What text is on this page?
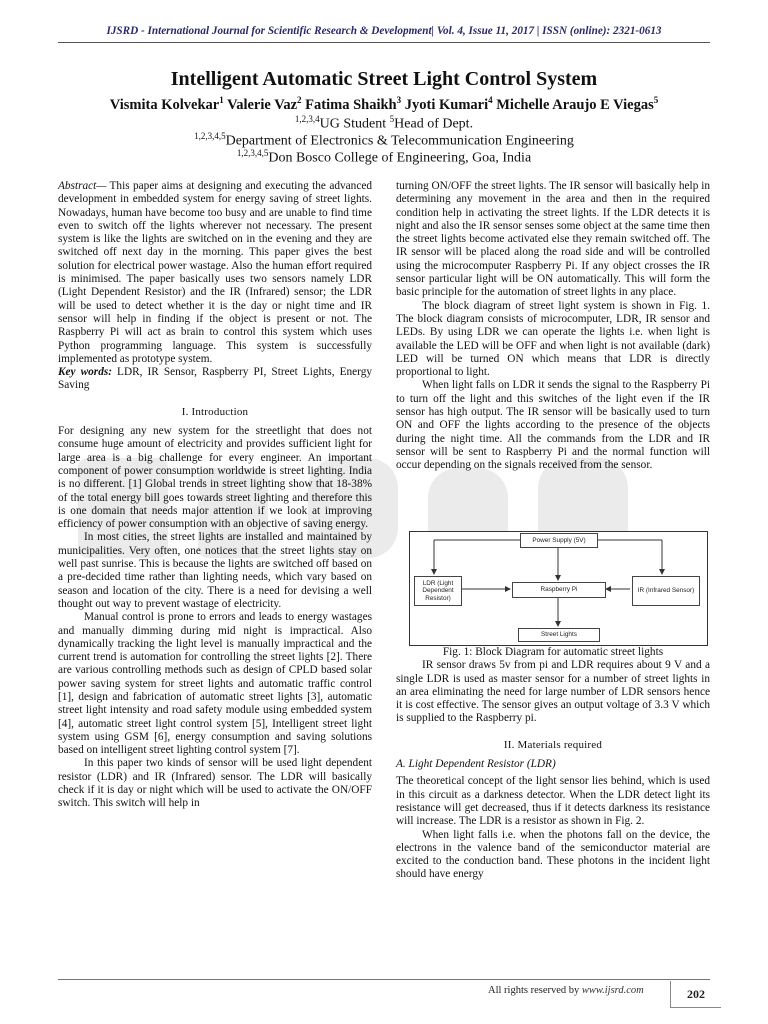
IJSRD - International Journal for Scientific Research & Development| Vol. 4, Issue 11, 2017 | ISSN (online): 2321-0613
Intelligent Automatic Street Light Control System
Vismita Kolvekar$^1$ Valerie Vaz$^2$ Fatima Shaikh$^3$ Jyoti Kumari$^4$ Michelle Araujo E Viegas$^5$
$^{1,2,3,4}$UG Student $^5$Head of Dept.
$^{1,2,3,4,5}$Department of Electronics & Telecommunication Engineering
$^{1,2,3,4,5}$Don Bosco College of Engineering, Goa, India

Abstract— This paper aims at designing and executing the advanced development in embedded system for energy saving of street lights. Nowadays, human have become too busy and are unable to find time even to switch off the lights wherever not necessary. The present system is like the lights are switched on in the evening and they are switched off next day in the morning. This paper gives the best solution for electrical power wastage. Also the human effort required is minimised. The paper basically uses two sensors namely LDR (Light Dependent Resistor) and the IR (Infrared) sensor; the LDR will be used to detect whether it is the day or night time and IR sensor will help in finding if the object is present or not. The Raspberry Pi will act as brain to control this system which uses Python programming language. This system is successfully implemented as prototype system.

Key words: LDR, IR Sensor, Raspberry PI, Street Lights, Energy Saving

I. Introduction

For designing any new system for the streetlight that does not consume huge amount of electricity and provides sufficient light for large area is a big challenge for every engineer. An important component of power consumption worldwide is street lighting. India is no different. [1] Global trends in street lighting show that 18-38% of the total energy bill goes towards street lighting and therefore this is one domain that needs major attention if we look at improving efficiency of power consumption with an objective of saving energy.

In most cities, the street lights are installed and maintained by municipalities. Very often, one notices that the street lights stay on well past sunrise. This is because the lights are switched off based on a pre-decided time rather than lighting needs, which vary based on season and location of the city. There is a need for devising a well thought out way to prevent wastage of electricity.

Manual control is prone to errors and leads to energy wastages and manually dimming during mid night is impractical. Also dynamically tracking the light level is manually impractical and the current trend is automation for controlling the street lights [2]. There are various controlling methods such as design of CPLD based solar power saving system for street lights and automatic traffic control [1], design and fabrication of automatic street lights [3], automatic street light intensity and road safety module using embedded system [4], automatic street light control system [5], Intelligent street light system using GSM [6], energy consumption and saving solutions based on intelligent street lighting control system [7].

In this paper two kinds of sensor will be used light dependent resistor (LDR) and IR (Infrared) sensor. The LDR will basically check if it is day or night which will be used to activate the ON/OFF switch. This switch will help in

turning ON/OFF the street lights. The IR sensor will basically help in determining any movement in the area and then in the required condition help in activating the street lights. If the LDR detects it is night and also the IR sensor senses some object at the same time then the street lights become activated else they remain switched off. The IR sensor will be placed along the road side and will be controlled using the microcomputer Raspberry Pi. If any object crosses the IR sensor particular light will be ON automatically. This will form the basic principle for the automation of street lights in any place.

The block diagram of street light system is shown in Fig. 1. The block diagram consists of microcomputer, LDR, IR sensor and LEDs. By using LDR we can operate the lights i.e. when light is available the LED will be OFF and when light is not available (dark) LED will be turned ON which means that LDR is directly proportional to light.

When light falls on LDR it sends the signal to the Raspberry Pi to turn off the light and this switches of the light even if the IR sensor has high output. The IR sensor will be basically used to turn ON and OFF the lights according to the presence of the objects during the night time. All the commands from the LDR and IR sensor will be sent to Raspberry Pi and the normal function will occur depending on the signals received from the sensor.

Power Supply (5V)
LDR (Light Dependent Resistor)
Raspberry Pi	IR (Infrared Sensor)
Street Lights

Fig. 1: Block Diagram for automatic street lights

IR sensor draws 5v from pi and LDR requires about 9 V and a single LDR is used as master sensor for a number of street lights in an area eliminating the need for large number of LDR sensors hence it is cost effective. The sensor gives an output voltage of 3.3 V which is supplied to the Raspberry pi.

II. Materials required
A. Light Dependent Resistor (LDR)

The theoretical concept of the light sensor lies behind, which is used in this circuit as a darkness detector. When the LDR detect light its resistance will get decreased, thus if it detects darkness its resistance will increase. The LDR is a resistor as shown in Fig. 2.

When light falls i.e. when the photons fall on the device, the electrons in the valence band of the semiconductor material are excited to the conduction band. These photons in the incident light should have energy

All rights reserved by www.ijsrd.com	202
